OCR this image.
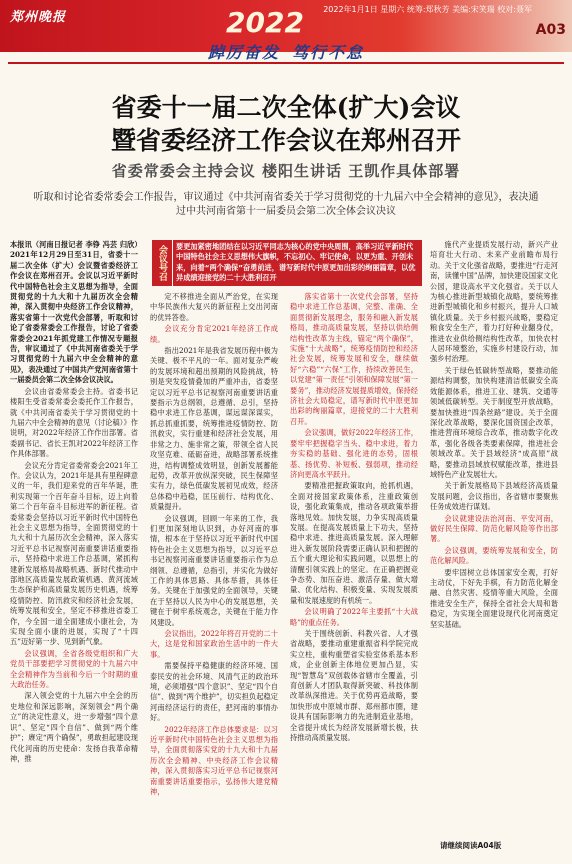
郑州晚报	2022	2022年1月1日 星期六 统筹:郑秋芳 美编:宋笑瑞 校对:聂军
A03
踔厉奋发 笃行不怠
省委十一届二次全体(扩大)会议
暨省委经济工作会议在郑州召开
省委常委会主持会议 楼阳生讲话 王凯作具体部署
听取和讨论省委常委会工作报告，审议通过《中共河南省委关于学习贯彻党的十九届六中全会精神的意见》，表决通过中共河南省第十一届委员会第二次全体会议决议

本报讯（河南日报记者 李铮 冯芸 归欣）2021年12月29日至31日，省委十一届二次全体（扩大）会议暨省委经济工作会议在郑州召开。会议以习近平新时代中国特色社会主义思想为指导，全面贯彻党的十九大和十九届历次全会精神，深入贯彻中央经济工作会议精神，落实省第十一次党代会部署，听取和讨论了省委常委会工作报告，讨论了省委常委会2021年抓党建工作情况专题报告，审议通过了《中共河南省委关于学习贯彻党的十九届六中全会精神的意见》，表决通过了中国共产党河南省第十一届委员会第二次全体会议决议。

会议由省委常委会主持。省委书记楼阳生受省委常委会委托作工作报告，就《中共河南省委关于学习贯彻党的十九届六中全会精神的意见（讨论稿）》作说明，对2022年经济工作作出部署。省委副书记、省长王凯对2022年经济工作作具体部署。

会议充分肯定省委常委会2021年工作。会议认为，2021年是具有里程碑意义的一年，我们迎来党的百年华诞，胜利实现第一个百年奋斗目标，迈上向着第二个百年奋斗目标进军的新征程。省委常委会坚持以习近平新时代中国特色社会主义思想为指导，全面贯彻党的十九大和十九届历次全会精神，深入落实习近平总书记视察河南重要讲话重要指示，坚持稳中求进工作总基调，紧抓构建新发展格局战略机遇、新时代推动中部地区高质量发展政策机遇、黄河流域生态保护和高质量发展历史机遇，统筹疫情防控、防汛救灾和经济社会发展，统筹发展和安全，坚定不移推进省委工作，今全国一道全面建成小康社会，为实现全面小康的进展，实现了“十四五”迈好第一步、见到新气象。

会议强调，全省各级党组织和广大党员干部要把学习贯彻党的十九届六中全会精神作为当前和今后一个时期的重大政治任务。

深入领会党的十九届六中全会的历史地位和深远影响，深刻领会“两个确立”的决定性意义，进一步增强“四个意识”、坚定“四个自信”、做到“两个维护”；赓定“两个确保”，勇敢担起建设现代化河南的历史使命：发扬自我革命精神，推

会议号召	要更加紧密地团结在以习近平同志为核心的党中央周围，高举习近平新时代中国特色社会主义思想伟大旗帜，不忘初心、牢记使命，以更为重、开创未来，向着“两个确保”奋勇前进，谱写新时代中原更加出彩的绚丽篇章，以优异成绩迎接党的二十大胜利召开

定不移推进全面从严治党，在实现中华民族伟大复兴的新征程上交出河南的优异答卷。

会议充分肯定2021年经济工作成绩。

指出2021年是我省发展历程中极为关键、极不平凡的一年。面对复杂严峻的发展环境和超出预期的风险挑战，特别是突发疫情叠加的严重冲击，省委坚定以习近平总书记视察河南重要讲话重要指示为总纲领，总遵循、总引，坚持稳中求进工作总基调，谋远谋深谋实，抓总抓重抓要，统筹推进疫情防控、防汛救灾，实行重建和经济社会发展，用非常之力、施非常之策，带领全省人民攻坚克难、砥砺奋进，战略部署系统推进，结构调整成效明显，创新发展蓄能起势，改革开放纵深突破，民生保障坚实有力，绿色低碳发展初见成效，经济总体稳中趋稳，匡压前行、结构优化、质量提升。

会议强调，回顾一年来的工作，我们更加深刻地认识到，办好河南的事情，根本在于坚持以习近平新时代中国特色社会主义思想为指导，以习近平总书记视察河南重要讲话重要指示作为总纲领、总遵循，总指引，并实化为做好工作的具体思路、具体举措，具体任务。关键在于加强党的全面领导，关键在于坚持以人民为中心的发展思想，关键在于树牢系统观念，关键在于能力作风建设。

会议指出，2022年将召开党的二十大，这是党和国家政治生活中的一件大事。

需要保持平稳健康的经济环境、国泰民安的社会环境、风清气正的政治环境，必须增强“四个意识”、坚定“四个自信”、做到“两个维护”，切实担负起稳定河南经济运行的责任，把河南的事情办好。

2022年经济工作总体要求是：以习近平新时代中国特色社会主义思想为指导，全面贯彻落实党的十九大和十九届历次全会精神、中央经济工作会议精神，深入贯彻落实习近平总书记视察河南重要讲话重要指示，弘扬伟大建党精神，

落实省第十一次党代会部署，坚持稳中求进工作总基调，完整、准确、全面贯彻新发展理念，服务和融入新发展格局，推动高质量发展，坚持以供给侧结构性改革为主线，锚定“两个确保”，实施“十大战略”，统筹疫情防控和经济社会发展，统筹发展和安全，继续做好“六稳”“六保”工作，持续改善民生，以党建“第一责任”引领和保障发展“第一要务”，推动经济发展提质增效，保持经济社会大局稳定，谱写新时代中原更加出彩的绚丽篇章，迎接党的二十大胜利召开。

会议强调，做好2022年经济工作，要牢牢把握稳字当头、稳中求进，着力夯实稳的基础、强化进的态势，固根基、扬优势、补短板、强弱项，推动经济向更高水平跃升。

要精准把握政策取向，抢抓机遇，全面对接国家政策体系，注重政策创设，强化政策集成，推动各项政策举措落地见效。加快发展，力争实现高质量发展。在提高发展质量上下功夫，坚持稳中求进、推进高质量发展。深入理解进入新发展阶段需要正确认识和把握的五个重大理论和实践问题，以思想上的清醒引领实践上的坚定。在正确把握竞争态势、加压奋进、激活存量、做大增量、优化结构、积极变量、实现发展质量和发展速度的有机统一。

会议明确了2022年主要抓“十大战略”的重点任务。

关于围绕创新、科教兴省、人才强省战略，要推动重建重振省科学院完成实立柱，重构重塑省实验室体系基本形成，企业创新主体地位更加凸显，实现“智慧岛”双创载体省辖市全覆盖，引育创新人才团队取得新突破、科技体制改革纵深推进。关于优势再造战略，要加快形成中原城市群、郑州都市圈，建设具有国际影响力的先进制造业基地，全省提升成长为经济发展新增长极，扶持推动高质量发展。

施代产业提质发展行动，新兴产业培育壮大行动、未来产业前瞻布局行动。关于文化强省战略，要推进“行走河南，读懂中国”品牌，加快建设国家文化公园，建设高水平文化强省。关于以人为核心推进新型城镇化战略，要统筹推进新型城镇化和乡村振兴，提升人口城镇化质量。关于乡村振兴战略，要稳定粮食安全生产，着力打好种业翻身仗，推进农业供给侧结构性改革，加快农村人居环境整治，实施乡村建设行动，加强乡村治理。

关于绿色低碳转型战略，要推动能源结构调整，加快构建清洁低碳安全高效能源体系，推进工业、建筑、交通等领域低碳转型。关于制度型开放战略，要加快推进“四条丝路”建设。关于全面深化改革战略，要深化国资国企改革，推进营商环境综合改革，推动数字化改革，强化各级各类要素保障，推进社会领域改革。关于县域经济“成高原”战略，要推动县域放权赋能改革，推进县域特色产业发展壮大。

关于新发展格局下县域经济高质量发展问题，会议指出，各省辖市要聚焦任务成效进行谋划。

会议就建设法治河南、平安河南，做好民生保障、防范化解风险等作出部署。

会议强调，要统筹发展和安全，防范化解风险。

要牢固树立总体国家安全观，打好主动仗，下好先手棋，有力防范化解金融、自然灾害、疫情等重大风险，全面推进安全生产，保持全省社会大局和谐稳定，为实现全面建设现代化河南奠定坚实基础。

请继续阅读A04版
